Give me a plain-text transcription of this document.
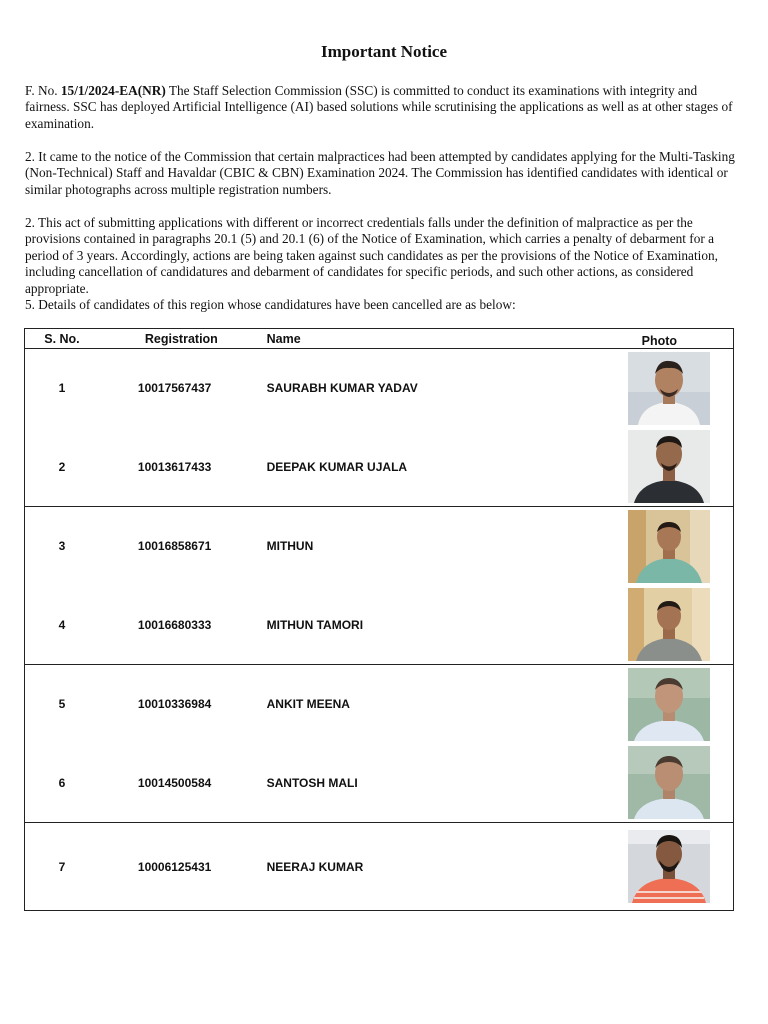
Important Notice

F. No. 15/1/2024-EA(NR) The Staff Selection Commission (SSC) is committed to conduct its examinations with integrity and fairness. SSC has deployed Artificial Intelligence (AI) based solutions while scrutinising the applications as well as at other stages of examination.

2. It came to the notice of the Commission that certain malpractices had been attempted by candidates applying for the Multi-Tasking (Non-Technical) Staff and Havaldar (CBIC & CBN) Examination 2024. The Commission has identified candidates with identical or similar photographs across multiple registration numbers.

2. This act of submitting applications with different or incorrect credentials falls under the definition of malpractice as per the provisions contained in paragraphs 20.1 (5) and 20.1 (6) of the Notice of Examination, which carries a penalty of debarment for a period of 3 years. Accordingly, actions are being taken against such candidates as per the provisions of the Notice of Examination, including cancellation of candidatures and debarment of candidates for specific periods, and such other actions, as considered appropriate.

5. Details of candidates of this region whose candidatures have been cancelled are as below:

S. No.	Registration	Name	Photo
1	10017567437	SAURABH KUMAR YADAV	

2	10013617433	DEEPAK KUMAR UJALA	

3	10016858671	MITHUN	

4	10016680333	MITHUN TAMORI	

5	10010336984	ANKIT MEENA	

6	10014500584	SANTOSH MALI	

7	10006125431	NEERAJ KUMAR	
